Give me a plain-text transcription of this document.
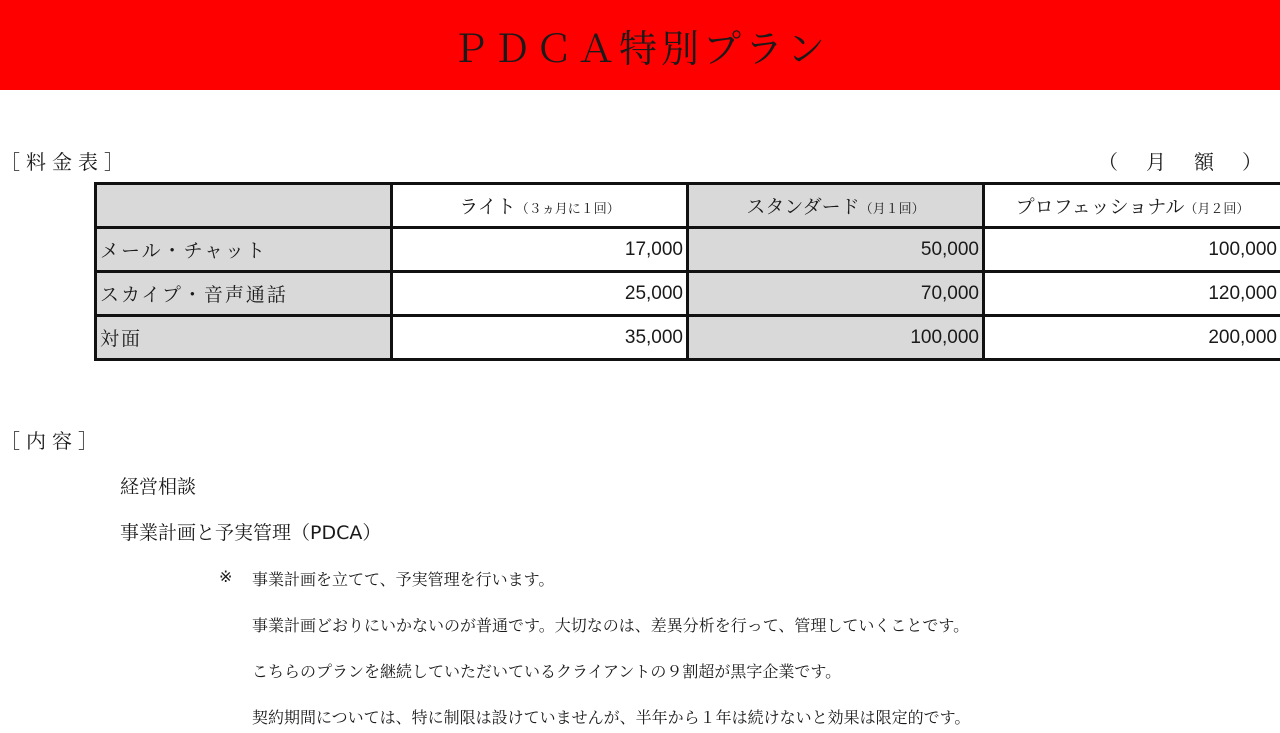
ＰＤＣＡ特別プラン
［料金表］	（　月　額　）
	ライト（３ヵ月に１回）	スタンダード（月１回）	プロフェッショナル（月２回）
メール・チャット	17,000	50,000	100,000
スカイプ・音声通話	25,000	70,000	120,000
対面	35,000	100,000	200,000
［内容］
経営相談
事業計画と予実管理（PDCA）
※ 事業計画を立てて、予実管理を行います。
事業計画どおりにいかないのが普通です。大切なのは、差異分析を行って、管理していくことです。
こちらのプランを継続していただいているクライアントの９割超が黒字企業です。
契約期間については、特に制限は設けていませんが、半年から１年は続けないと効果は限定的です。
